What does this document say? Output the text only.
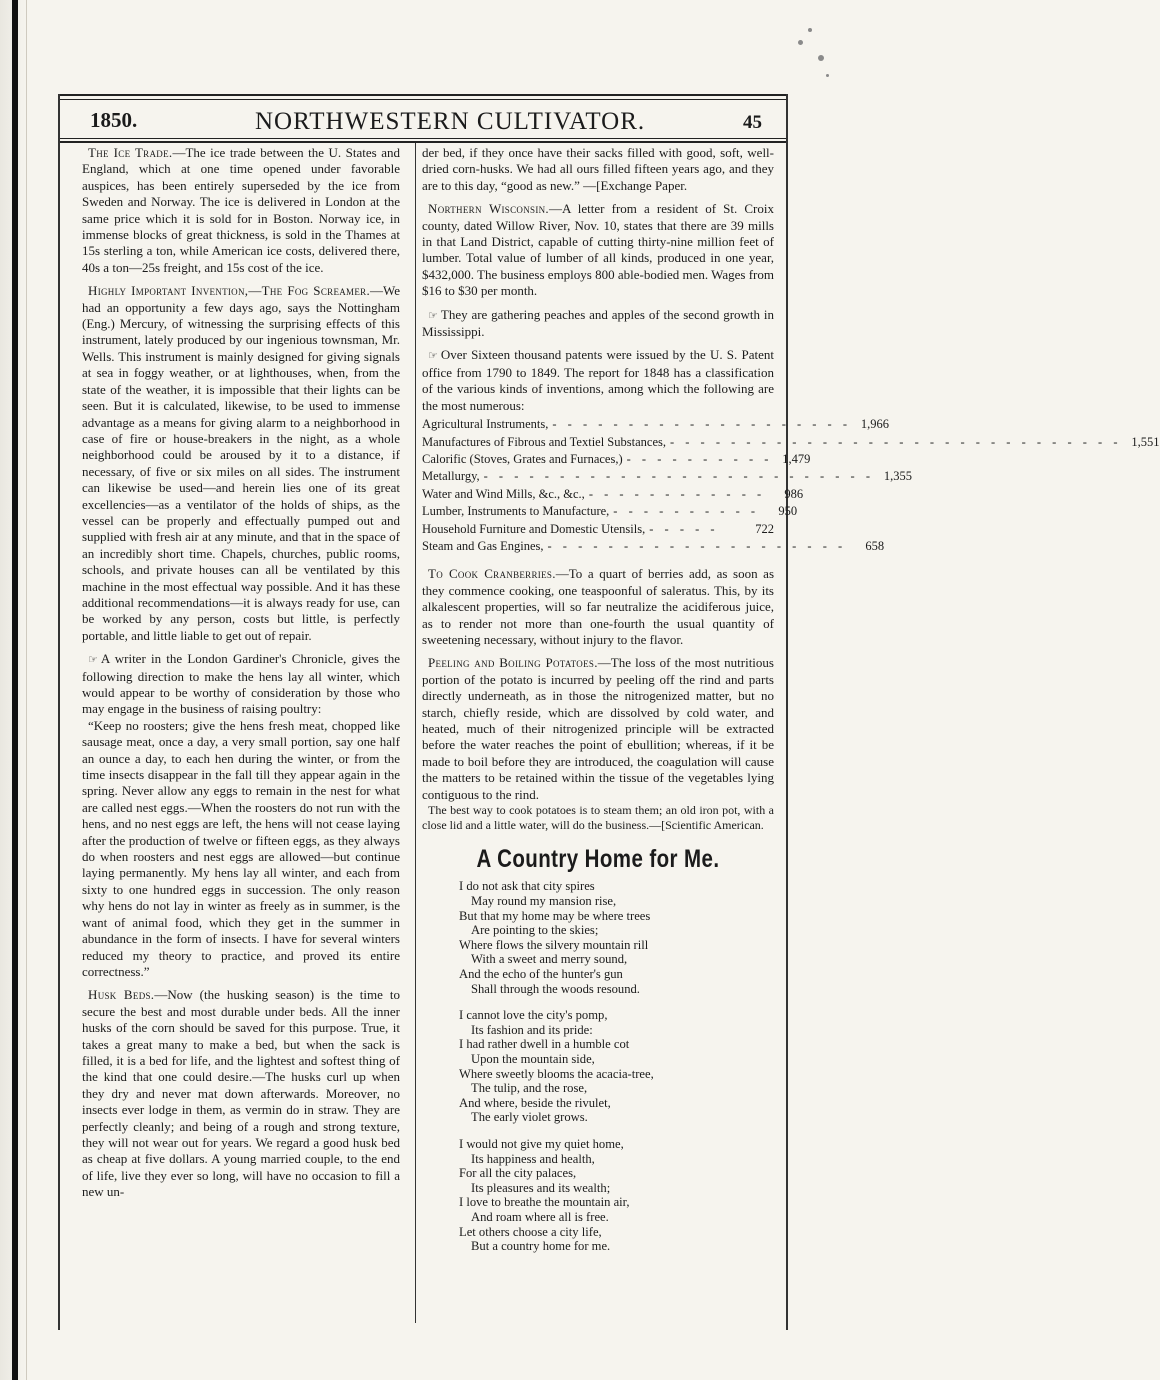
1850.	NORTHWESTERN CULTIVATOR.	45

The Ice Trade.—The ice trade between the U. States and England, which at one time opened under favorable auspices, has been entirely superseded by the ice from Sweden and Norway. The ice is delivered in London at the same price which it is sold for in Boston. Norway ice, in immense blocks of great thickness, is sold in the Thames at 15s sterling a ton, while American ice costs, delivered there, 40s a ton—25s freight, and 15s cost of the ice.

Highly Important Invention,—The Fog Screamer.—We had an opportunity a few days ago, says the Nottingham (Eng.) Mercury, of witnessing the surprising effects of this instrument, lately produced by our ingenious townsman, Mr. Wells. This instrument is mainly designed for giving signals at sea in foggy weather, or at lighthouses, when, from the state of the weather, it is impossible that their lights can be seen. But it is calculated, likewise, to be used to immense advantage as a means for giving alarm to a neighborhood in case of fire or house-breakers in the night, as a whole neighborhood could be aroused by it to a distance, if necessary, of five or six miles on all sides. The instrument can likewise be used—and herein lies one of its great excellencies—as a ventilator of the holds of ships, as the vessel can be properly and effectually pumped out and supplied with fresh air at any minute, and that in the space of an incredibly short time. Chapels, churches, public rooms, schools, and private houses can all be ventilated by this machine in the most effectual way possible. And it has these additional recommendations—it is always ready for use, can be worked by any person, costs but little, is perfectly portable, and little liable to get out of repair.

☞ A writer in the London Gardiner's Chronicle, gives the following direction to make the hens lay all winter, which would appear to be worthy of consideration by those who may engage in the business of raising poultry:

“Keep no roosters; give the hens fresh meat, chopped like sausage meat, once a day, a very small portion, say one half an ounce a day, to each hen during the winter, or from the time insects disappear in the fall till they appear again in the spring. Never allow any eggs to remain in the nest for what are called nest eggs.—When the roosters do not run with the hens, and no nest eggs are left, the hens will not cease laying after the production of twelve or fifteen eggs, as they always do when roosters and nest eggs are allowed—but continue laying permanently. My hens lay all winter, and each from sixty to one hundred eggs in succession. The only reason why hens do not lay in winter as freely as in summer, is the want of animal food, which they get in the summer in abundance in the form of insects. I have for several winters reduced my theory to practice, and proved its entire correctness.”

Husk Beds.—Now (the husking season) is the time to secure the best and most durable under beds. All the inner husks of the corn should be saved for this purpose. True, it takes a great many to make a bed, but when the sack is filled, it is a bed for life, and the lightest and softest thing of the kind that one could desire.—The husks curl up when they dry and never mat down afterwards. Moreover, no insects ever lodge in them, as vermin do in straw. They are perfectly cleanly; and being of a rough and strong texture, they will not wear out for years. We regard a good husk bed as cheap at five dollars. A young married couple, to the end of life, live they ever so long, will have no occasion to fill a new un-

der bed, if they once have their sacks filled with good, soft, well-dried corn-husks. We had all ours filled fifteen years ago, and they are to this day, “good as new.” —[Exchange Paper.

Northern Wisconsin.—A letter from a resident of St. Croix county, dated Willow River, Nov. 10, states that there are 39 mills in that Land District, capable of cutting thirty-nine million feet of lumber. Total value of lumber of all kinds, produced in one year, $432,000. The business employs 800 able-bodied men. Wages from $16 to $30 per month.

☞ They are gathering peaches and apples of the second growth in Mississippi.

☞ Over Sixteen thousand patents were issued by the U. S. Patent office from 1790 to 1849. The report for 1848 has a classification of the various kinds of inventions, among which the following are the most numerous:

Agricultural Instruments, - - - - - - - - - - - - - - - - - - - - 1,966
Manufactures of Fibrous and Textiel Substances, - - - - - - - - - - - - - - - - - - - - - - - - - - - - - - 1,551
Calorific (Stoves, Grates and Furnaces,) - - - - - - - - - - 1,479
Metallurgy, - - - - - - - - - - - - - - - - - - - - - - - - - - 1,355
Water and Wind Mills, &c., &c., - - - - - - - - - - - -	986
Lumber, Instruments to Manufacture, - - - - - - - - - -	950
Household Furniture and Domestic Utensils, - - - - -	722
Steam and Gas Engines, - - - - - - - - - - - - - - - - - - - -	658

To Cook Cranberries.—To a quart of berries add, as soon as they commence cooking, one teaspoonful of saleratus. This, by its alkalescent properties, will so far neutralize the acidiferous juice, as to render not more than one-fourth the usual quantity of sweetening necessary, without injury to the flavor.

Peeling and Boiling Potatoes.—The loss of the most nutritious portion of the potato is incurred by peeling off the rind and parts directly underneath, as in those the nitrogenized matter, but no starch, chiefly reside, which are dissolved by cold water, and heated, much of their nitrogenized principle will be extracted before the water reaches the point of ebullition; whereas, if it be made to boil before they are introduced, the coagulation will cause the matters to be retained within the tissue of the vegetables lying contiguous to the rind.

The best way to cook potatoes is to steam them; an old iron pot, with a close lid and a little water, will do the business.—[Scientific American.

A Country Home for Me.
I do not ask that city spires
May round my mansion rise,
But that my home may be where trees
Are pointing to the skies;
Where flows the silvery mountain rill
With a sweet and merry sound,
And the echo of the hunter's gun
Shall through the woods resound.
I cannot love the city's pomp,
Its fashion and its pride:
I had rather dwell in a humble cot
Upon the mountain side,
Where sweetly blooms the acacia-tree,
The tulip, and the rose,
And where, beside the rivulet,
The early violet grows.
I would not give my quiet home,
Its happiness and health,
For all the city palaces,
Its pleasures and its wealth;
I love to breathe the mountain air,
And roam where all is free.
Let others choose a city life,
But a country home for me.
